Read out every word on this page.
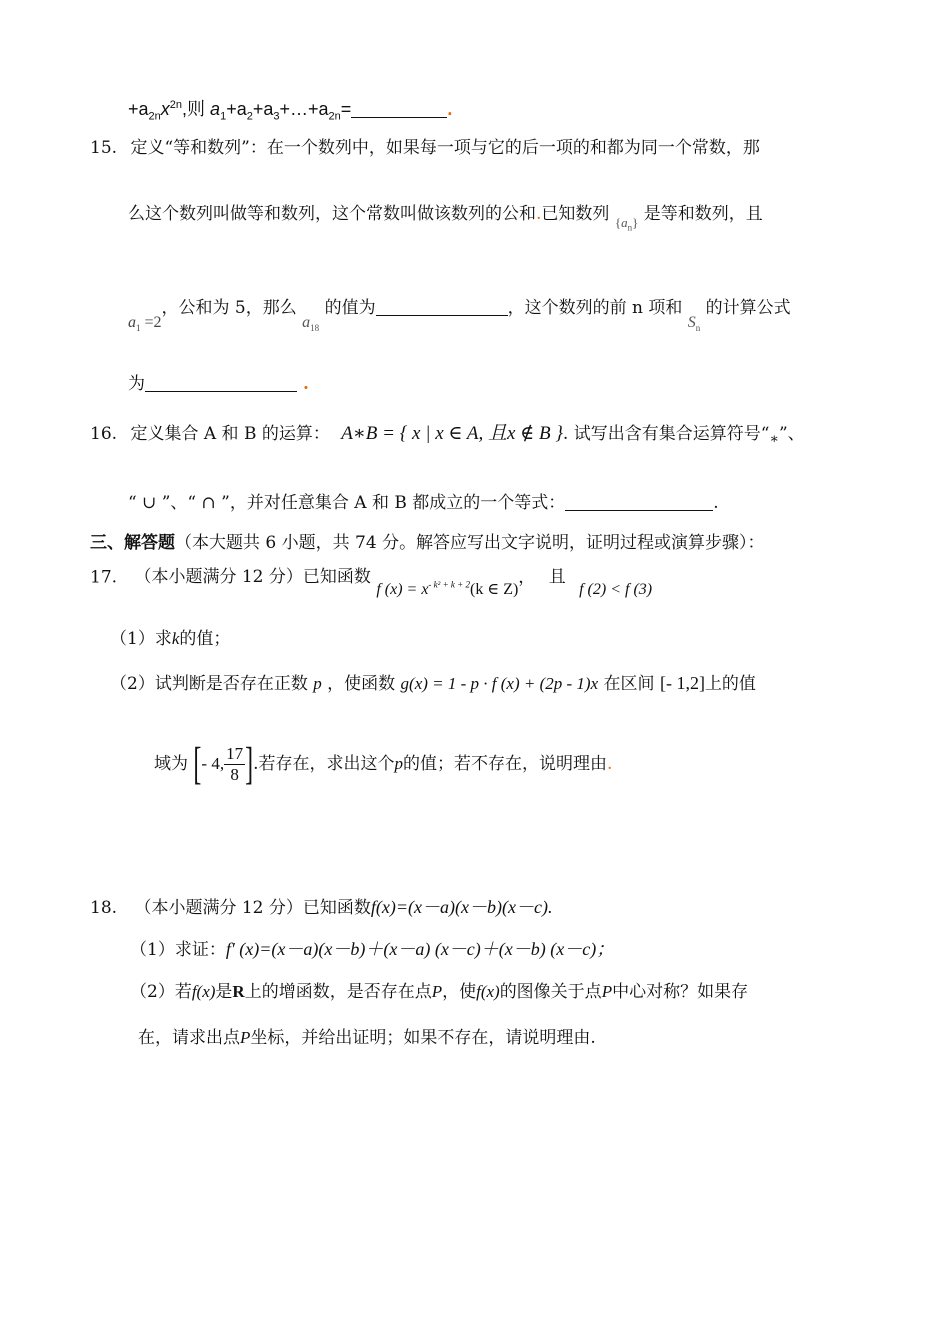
$+a_{2n}x^{2n}$,则 $a_1+a_2+a_3+\dots+a_{2n}=$	.
15. 定义“等和数列”：在一个数列中，如果每一项与它的后一项的和都为同一个常数，那
么这个数列叫做等和数列，这个常数叫做该数列的公和.已知数列 $_{\{a_n\}}$ 是等和数列，且
$a_1 =2$，公和为 5，那么 $a_{18}$ 的值为	，这个数列的前 n 项和 $S_n$ 的计算公式
为	.
16. 定义集合 A 和 B 的运算： A∗B = { x | x ∈ A, 且x ∉ B }. 试写出含有集合运算符号“$_∗$”、
“ ∪ ”、“ ∩ ”，并对任意集合 A 和 B 都成立的一个等式：	.
三、解答题（本大题共 6 小题，共 74 分。解答应写出文字说明，证明过程或演算步骤）：
17. （本小题满分 12 分）已知函数 f $(x) = x^{- k^2 + k + 2}(k$ ∈ Z)， 且 f (2) < f (3)
（1）求k的值；
（2）试判断是否存在正数 p ，使函数 g(x) = 1 - p · f (x) + (2p - 1)x 在区间 [- 1,2]上的值
域为 [- 4, $\frac{17}{8}$ ].若存在，求出这个p的值；若不存在，说明理由.
18. （本小题满分 12 分）已知函数f(x)=(x－a)(x－b)(x－c).
（1）求证：f′ (x)=(x－a)(x－b)＋(x－a) (x－c)＋(x－b) (x－c)；
（2）若f(x)是R上的增函数，是否存在点P，使f(x)的图像关于点P中心对称？如果存
在，请求出点P坐标，并给出证明；如果不存在，请说明理由.
